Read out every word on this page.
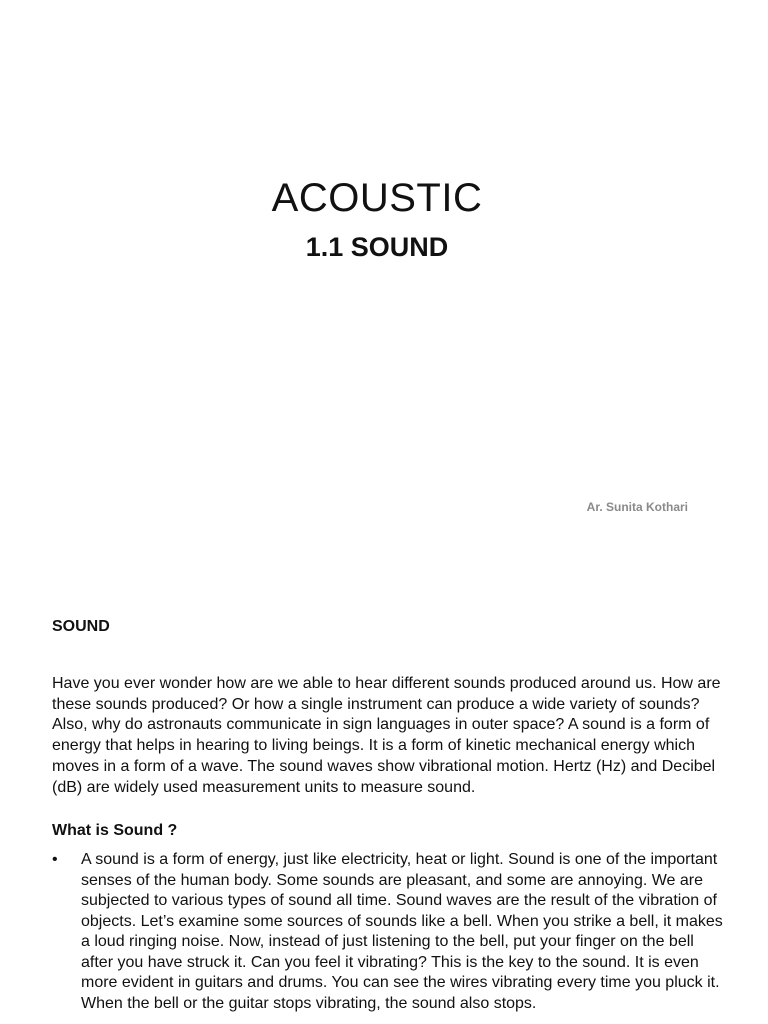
ACOUSTIC
1.1 SOUND
Ar. Sunita Kothari
SOUND

Have you ever wonder how are we able to hear different sounds produced around us. How are these sounds produced? Or how a single instrument can produce a wide variety of sounds? Also, why do astronauts communicate in sign languages in outer space? A sound is a form of energy that helps in hearing to living beings. It is a form of kinetic mechanical energy which moves in a form of a wave. The sound waves show vibrational motion. Hertz (Hz) and Decibel (dB) are widely used measurement units to measure sound.

What is Sound ?
• A sound is a form of energy, just like electricity, heat or light. Sound is one of the important senses of the human body. Some sounds are pleasant, and some are annoying. We are subjected to various types of sound all time. Sound waves are the result of the vibration of objects. Let’s examine some sources of sounds like a bell. When you strike a bell, it makes a loud ringing noise. Now, instead of just listening to the bell, put your finger on the bell after you have struck it. Can you feel it vibrating? This is the key to the sound. It is even more evident in guitars and drums. You can see the wires vibrating every time you pluck it. When the bell or the guitar stops vibrating, the sound also stops.
